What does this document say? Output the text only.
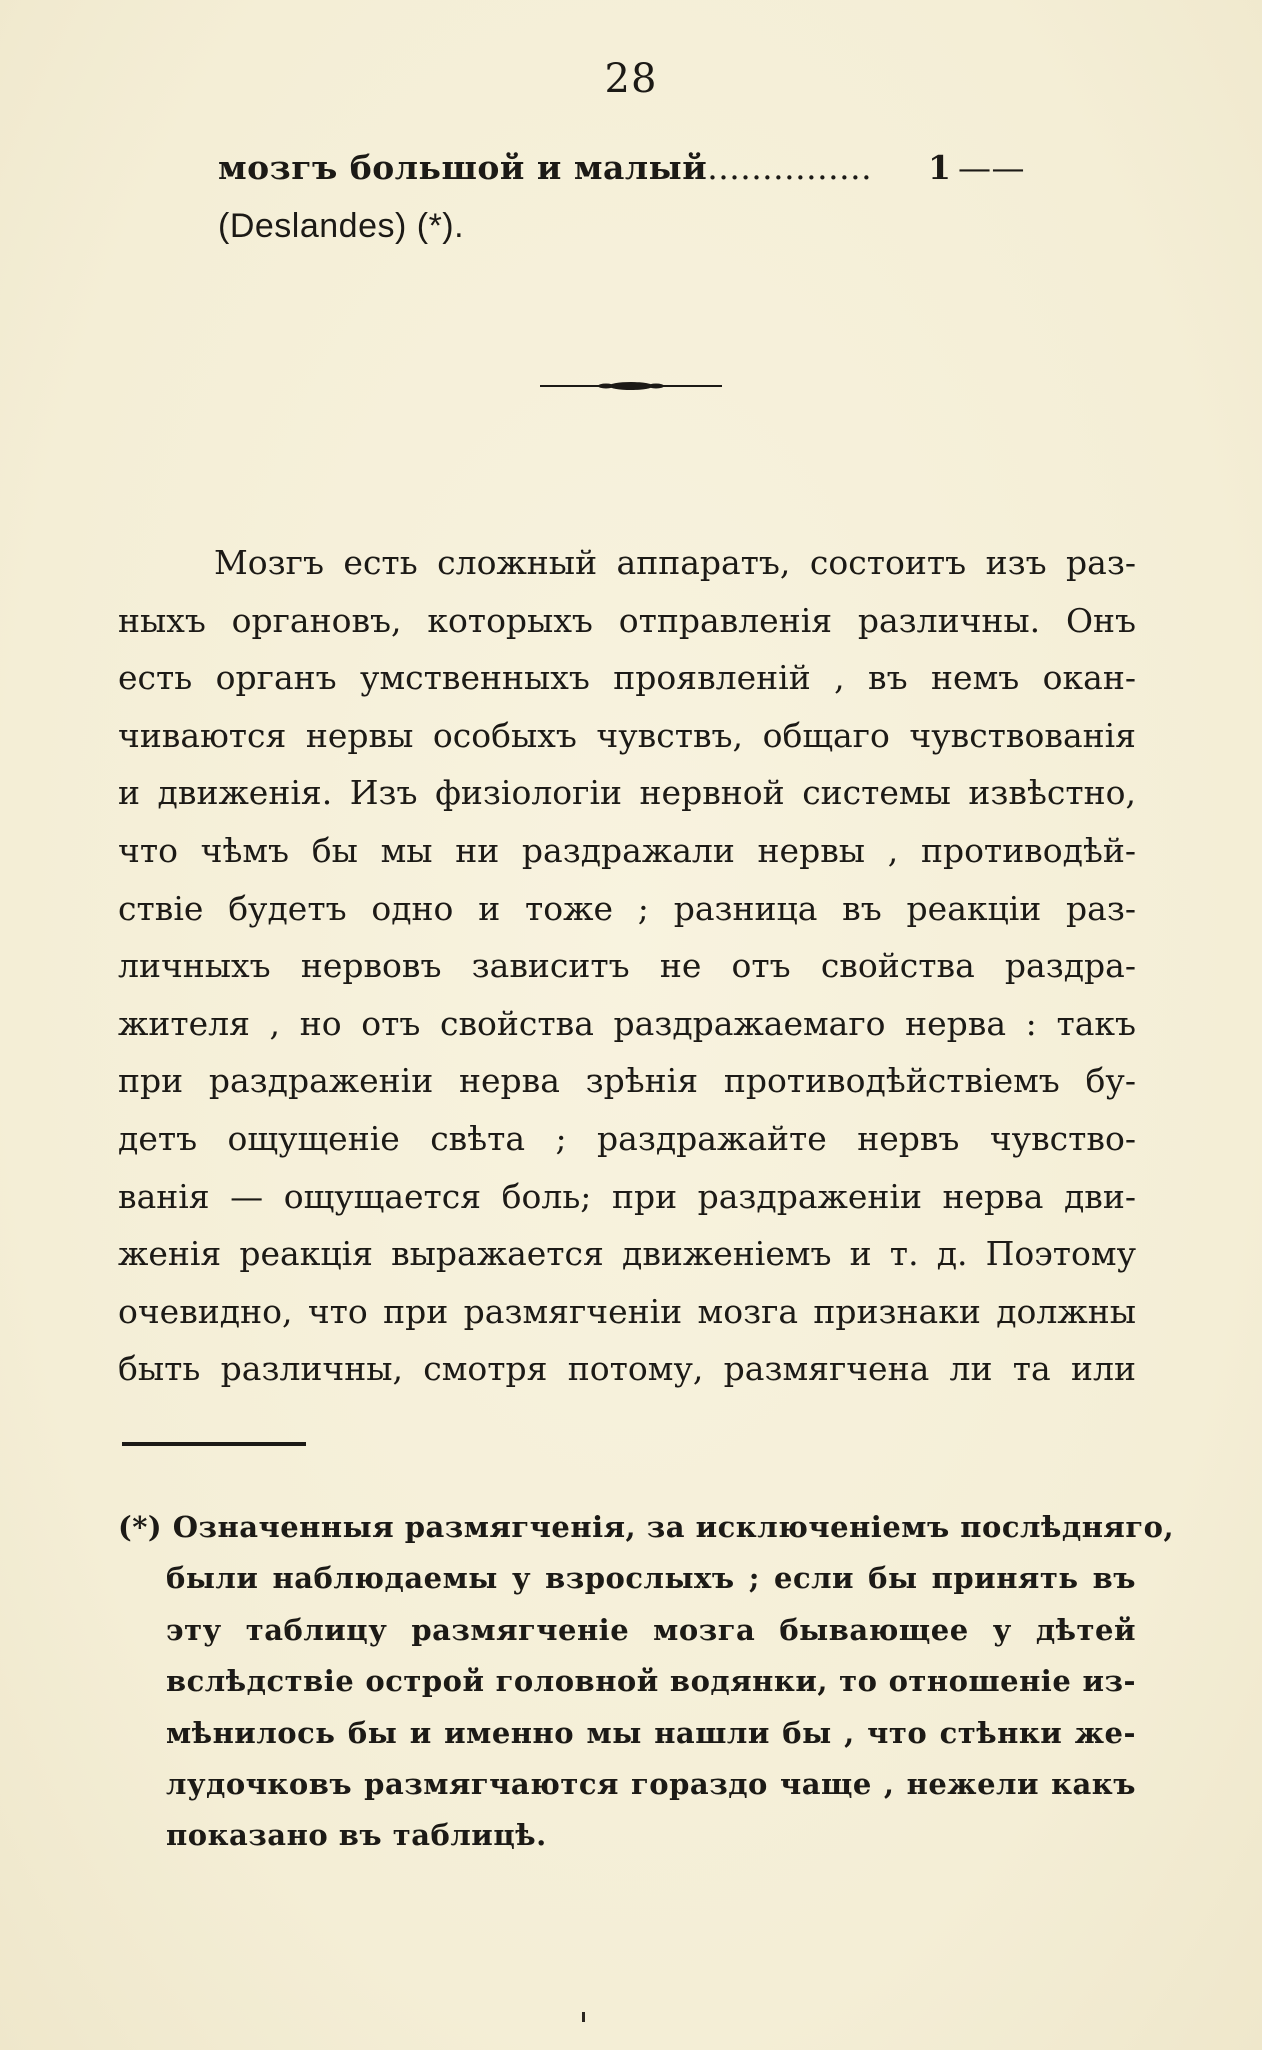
28
мозгъ большой и малый............... 1 ——
(Deslandes) (*).
Мозгъ есть сложный аппаратъ, состоитъ изъ раз-
ныхъ органовъ, которыхъ отправленія различны. Онъ
есть органъ умственныхъ проявленій , въ немъ окан-
чиваются нервы особыхъ чувствъ, общаго чувствованія
и движенія. Изъ физіологіи нервной системы извѣстно,
что чѣмъ бы мы ни раздражали нервы , противодѣй-
ствіе будетъ одно и тоже ; разница въ реакціи раз-
личныхъ нервовъ зависитъ не отъ свойства раздра-
жителя , но отъ свойства раздражаемаго нерва : такъ
при раздраженіи нерва зрѣнія противодѣйствіемъ бу-
детъ ощущеніе свѣта ; раздражайте нервъ чувство-
ванія — ощущается боль; при раздраженіи нерва дви-
женія реакція выражается движеніемъ и т. д. Поэтому
очевидно, что при размягченіи мозга признаки должны
быть различны, смотря потому, размягчена ли та или
(*) Означенныя размягченія, за исключеніемъ послѣдняго,
были наблюдаемы у взрослыхъ ; если бы принять въ
эту таблицу размягченіе мозга бывающее у дѣтей
вслѣдствіе острой головной водянки, то отношеніе из-
мѣнилось бы и именно мы нашли бы , что стѣнки же-
лудочковъ размягчаются гораздо чаще , нежели какъ
показано въ таблицѣ.
